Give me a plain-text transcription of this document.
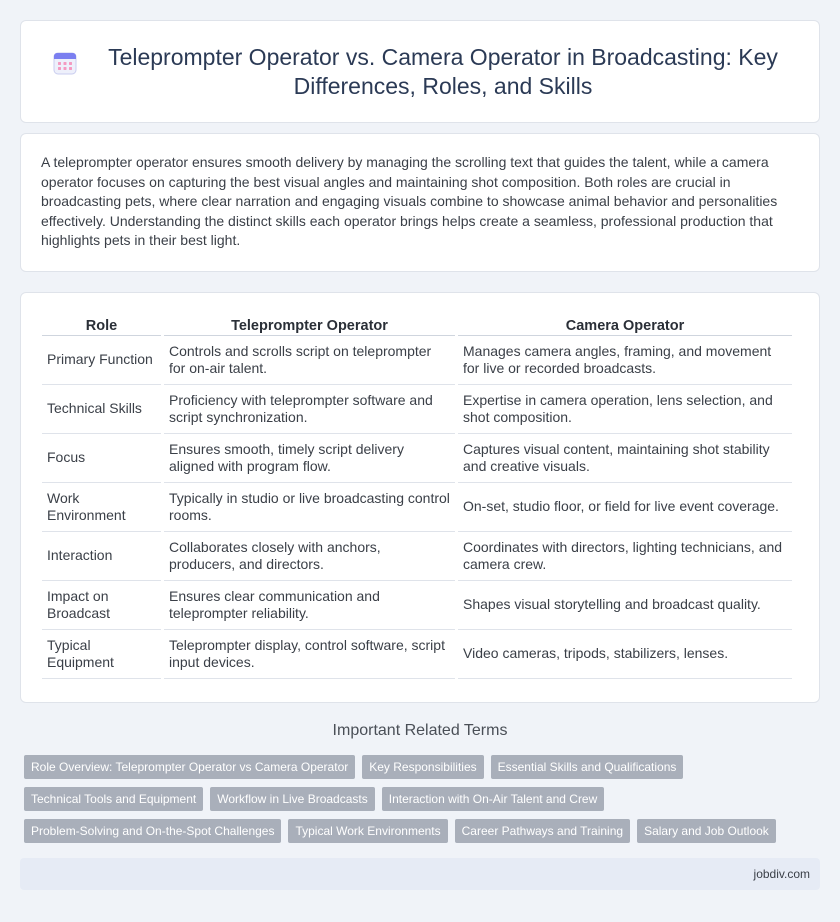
Teleprompter Operator vs. Camera Operator in Broadcasting: Key Differences, Roles, and Skills

A teleprompter operator ensures smooth delivery by managing the scrolling text that guides the talent, while a camera operator focuses on capturing the best visual angles and maintaining shot composition. Both roles are crucial in broadcasting pets, where clear narration and engaging visuals combine to showcase animal behavior and personalities effectively. Understanding the distinct skills each operator brings helps create a seamless, professional production that highlights pets in their best light.

Role	Teleprompter Operator	Camera Operator
Primary Function	Controls and scrolls script on teleprompter for on-air talent.	Manages camera angles, framing, and movement for live or recorded broadcasts.
Technical Skills	Proficiency with teleprompter software and script synchronization.	Expertise in camera operation, lens selection, and shot composition.
Focus	Ensures smooth, timely script delivery aligned with program flow.	Captures visual content, maintaining shot stability and creative visuals.
Work Environment	Typically in studio or live broadcasting control rooms.	On-set, studio floor, or field for live event coverage.
Interaction	Collaborates closely with anchors, producers, and directors.	Coordinates with directors, lighting technicians, and camera crew.
Impact on Broadcast	Ensures clear communication and teleprompter reliability.	Shapes visual storytelling and broadcast quality.
Typical Equipment	Teleprompter display, control software, script input devices.	Video cameras, tripods, stabilizers, lenses.
Important Related Terms
Role Overview: Teleprompter Operator vs Camera Operator	Key Responsibilities	Essential Skills and Qualifications
Technical Tools and Equipment	Workflow in Live Broadcasts	Interaction with On-Air Talent and Crew
Problem-Solving and On-the-Spot Challenges	Typical Work Environments	Career Pathways and Training	Salary and Job Outlook
jobdiv.com
